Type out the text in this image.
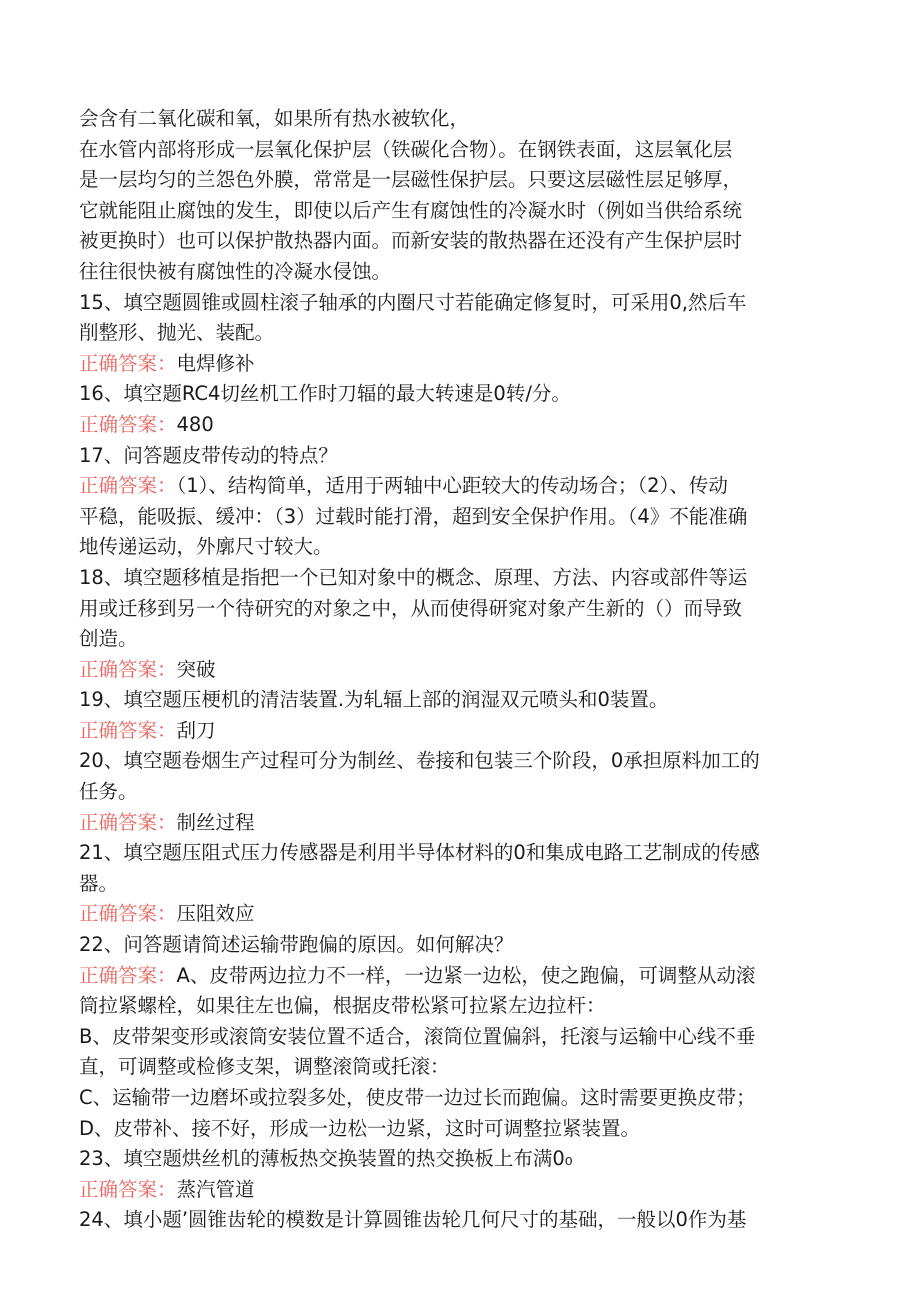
会含有二氧化碳和氧，如果所有热水被软化，
在水管内部将形成一层氧化保护层（铁碳化合物）。在钢铁表面，这层氧化层
是一层均匀的兰怨色外膜，常常是一层磁性保护层。只要这层磁性层足够厚，
它就能阻止腐蚀的发生，即使以后产生有腐蚀性的冷凝水时（例如当供给系统
被更换时）也可以保护散热器内面。而新安装的散热器在还没有产生保护层时
往往很快被有腐蚀性的冷凝水侵蚀。
15、填空题圆锥或圆柱滚子轴承的内圈尺寸若能确定修复时，可采用0,然后车
削整形、抛光、装配。
正确答案：电焊修补
16、填空题RC4切丝机工作时刀辐的最大转速是0转/分。
正确答案：480
17、问答题皮带传动的特点？
正确答案：（1）、结构简单，适用于两轴中心距较大的传动场合；（2）、传动
平稳，能吸振、缓冲：（3）过载时能打滑，超到安全保护作用。（4》不能准确
地传递运动，外廓尺寸较大。
18、填空题移植是指把一个已知对象中的概念、原理、方法、内容或部件等运
用或迁移到另一个待研究的对象之中，从而使得研窕对象产生新的（）而导致
创造。
正确答案：突破
19、填空题压梗机的清洁装置.为轧辐上部的润湿双元喷头和0装置。
正确答案：刮刀
20、填空题卷烟生产过程可分为制丝、卷接和包装三个阶段，0承担原料加工的
任务。
正确答案：制丝过程
21、填空题压阻式压力传感器是利用半导体材料的0和集成电路工艺制成的传感
器。
正确答案：压阻效应
22、问答题请简述运输带跑偏的原因。如何解决？
正确答案：A、皮带两边拉力不一样，一边紧一边松，使之跑偏，可调整从动滚
筒拉紧螺栓，如果往左也偏，根据皮带松紧可拉紧左边拉杆：
B、皮带架变形或滚筒安装位置不适合，滚筒位置偏斜，托滚与运输中心线不垂
直，可调整或检修支架，调整滚筒或托滚：
C、运输带一边磨坏或拉裂多处，使皮带一边过长而跑偏。这时需要更换皮带；
D、皮带补、接不好，形成一边松一边紧，这时可调整拉紧装置。
23、填空题烘丝机的薄板热交换装置的热交换板上布满0₀
正确答案：蒸汽管道
24、填小题’圆锥齿轮的模数是计算圆锥齿轮几何尺寸的基础，一般以0作为基
